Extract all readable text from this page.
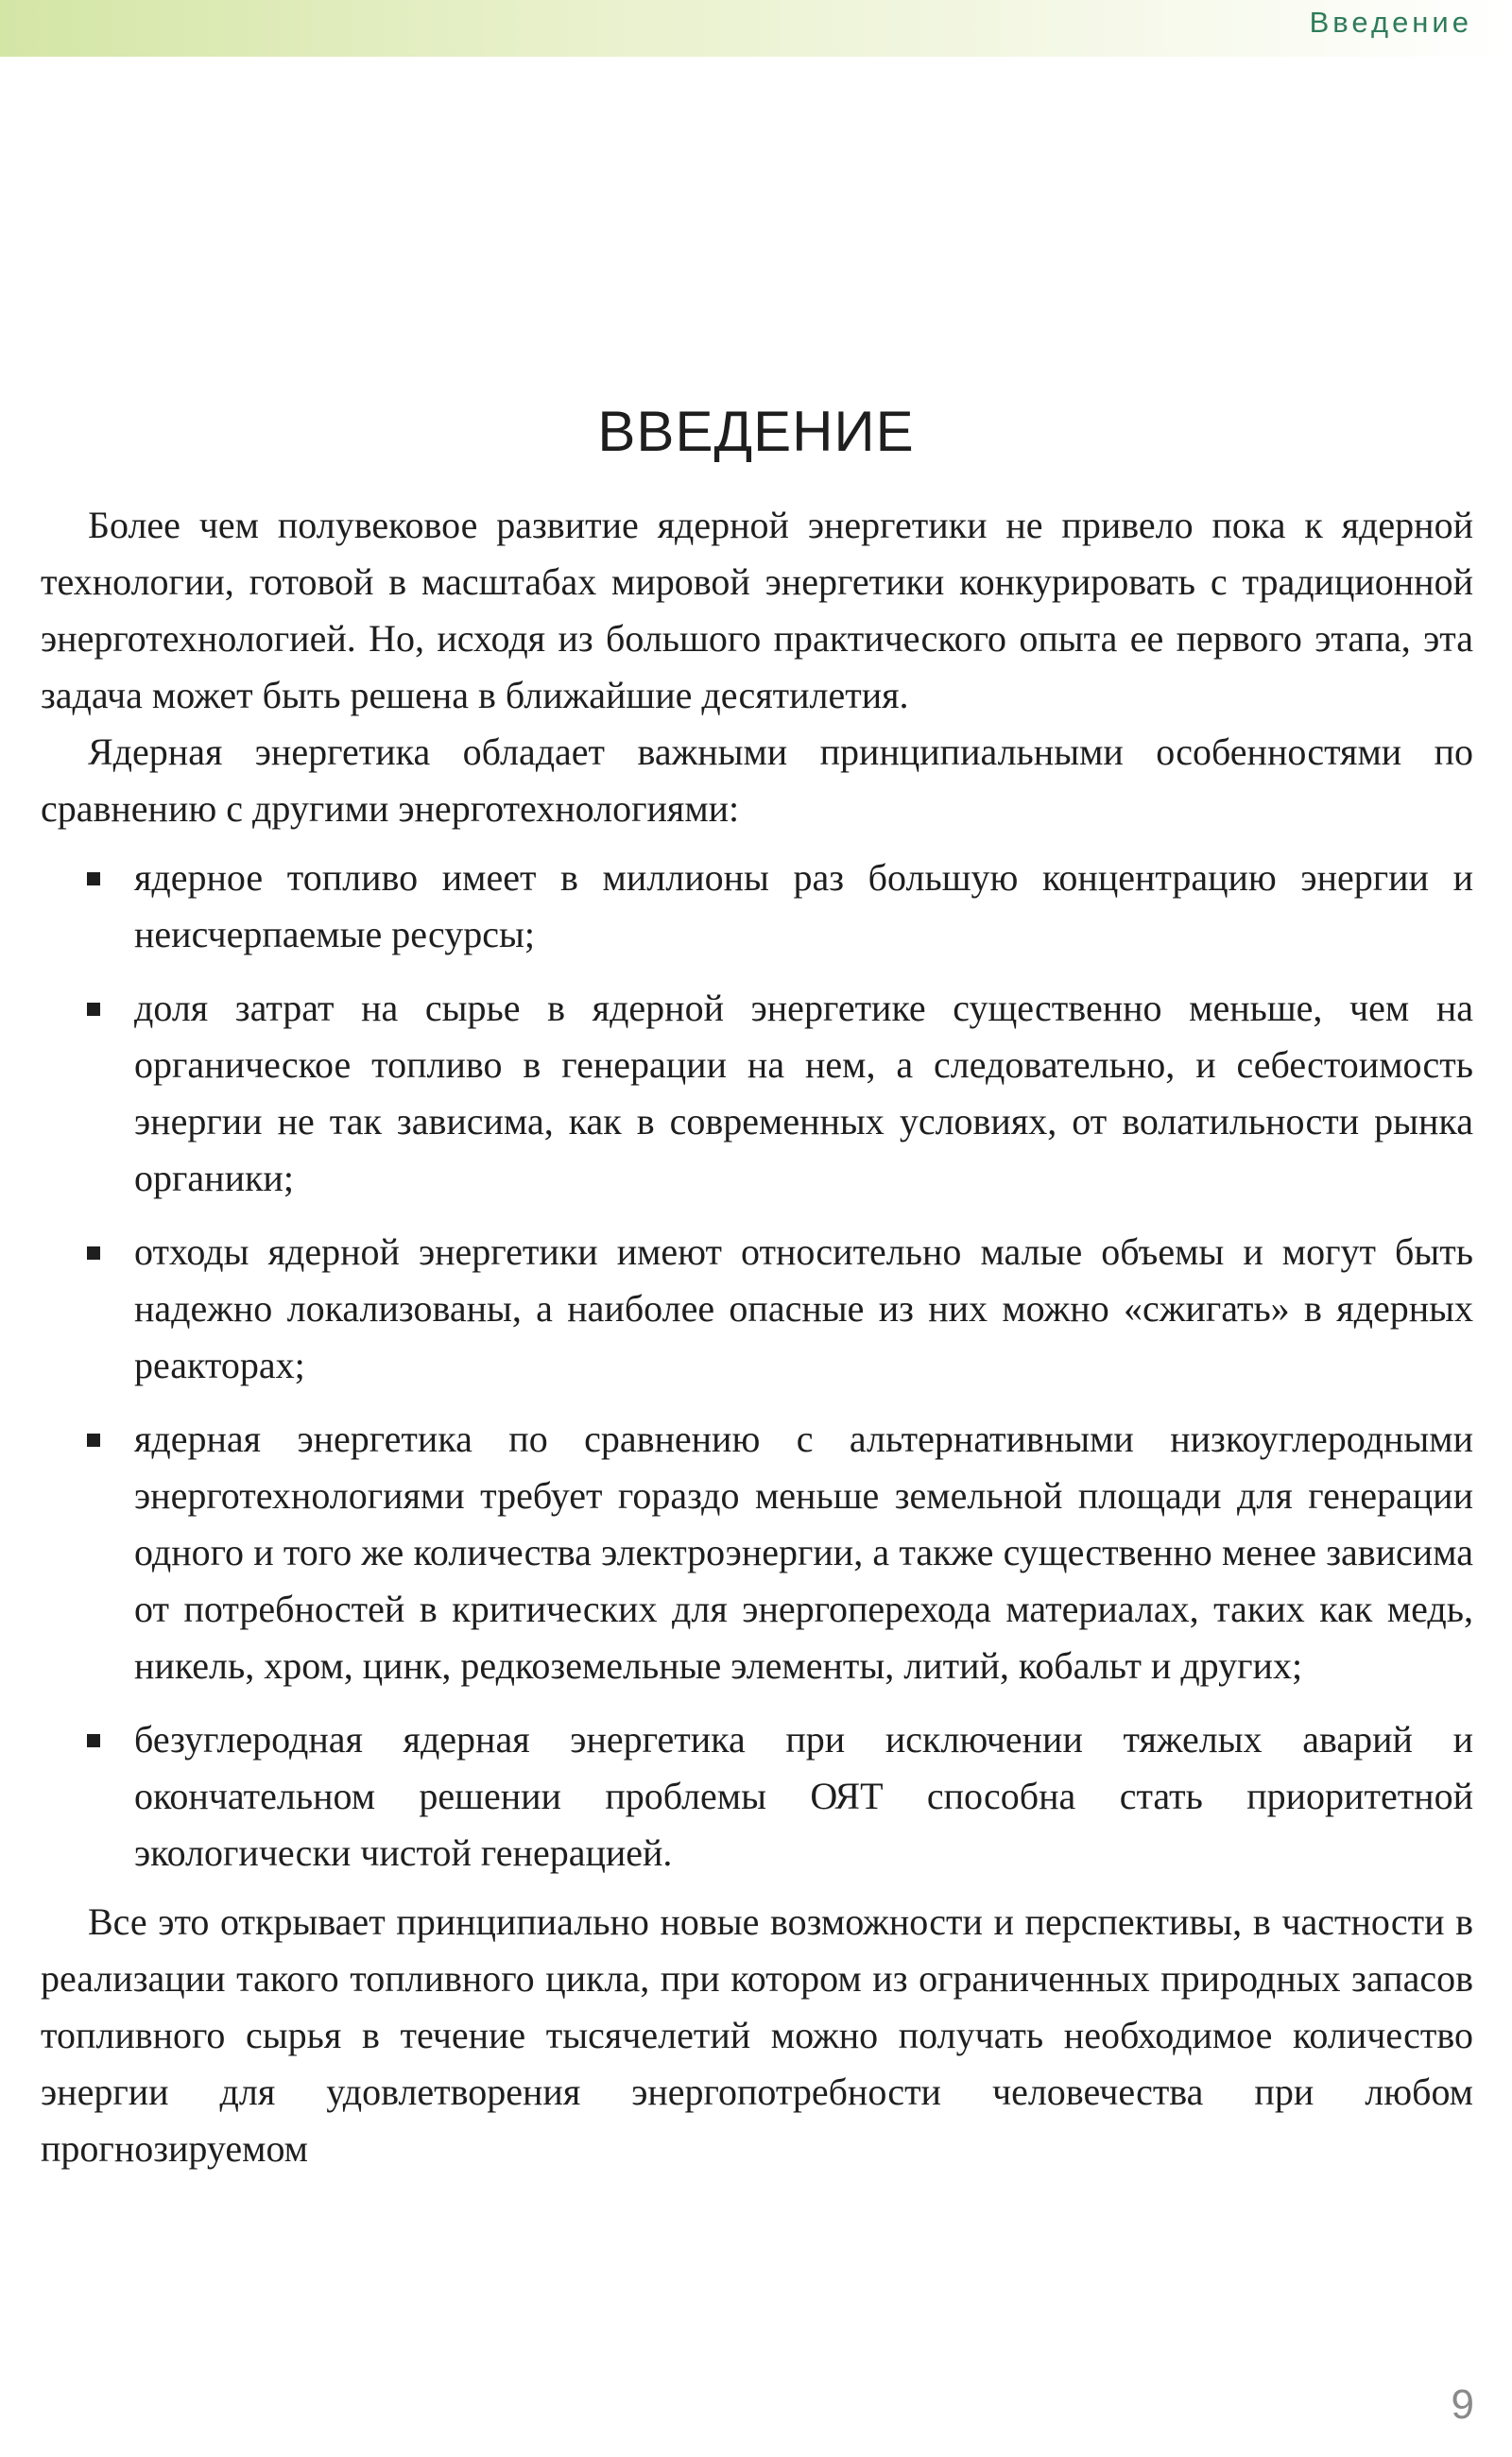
Введение
ВВЕДЕНИЕ

Более чем полувековое развитие ядерной энергетики не привело пока к ядерной технологии, готовой в масштабах мировой энергетики конкурировать с традиционной энерготехнологией. Но, исходя из большого практического опыта ее первого этапа, эта задача может быть решена в ближайшие десятилетия.

Ядерная энергетика обладает важными принципиальными особенностями по сравнению с другими энерготехнологиями:

ядерное топливо имеет в миллионы раз большую концентрацию энергии и неисчерпаемые ресурсы;
доля затрат на сырье в ядерной энергетике существенно меньше, чем на органическое топливо в генерации на нем, а следовательно, и себестоимость энергии не так зависима, как в современных условиях, от волатильности рынка органики;
отходы ядерной энергетики имеют относительно малые объемы и могут быть надежно локализованы, а наиболее опасные из них можно «сжигать» в ядерных реакторах;
ядерная энергетика по сравнению с альтернативными низкоуглеродными энерготехнологиями требует гораздо меньше земельной площади для генерации одного и того же количества электроэнергии, а также существенно менее зависима от потребностей в критических для энергоперехода материалах, таких как медь, никель, хром, цинк, редкоземельные элементы, литий, кобальт и других;
безуглеродная ядерная энергетика при исключении тяжелых аварий и окончательном решении проблемы ОЯТ способна стать приоритетной экологически чистой генерацией.

Все это открывает принципиально новые возможности и перспективы, в частности в реализации такого топливного цикла, при котором из ограниченных природных запасов топливного сырья в течение тысячелетий можно получать необходимое количество энергии для удовлетворения энергопотребности человечества при любом прогнозируемом

9
